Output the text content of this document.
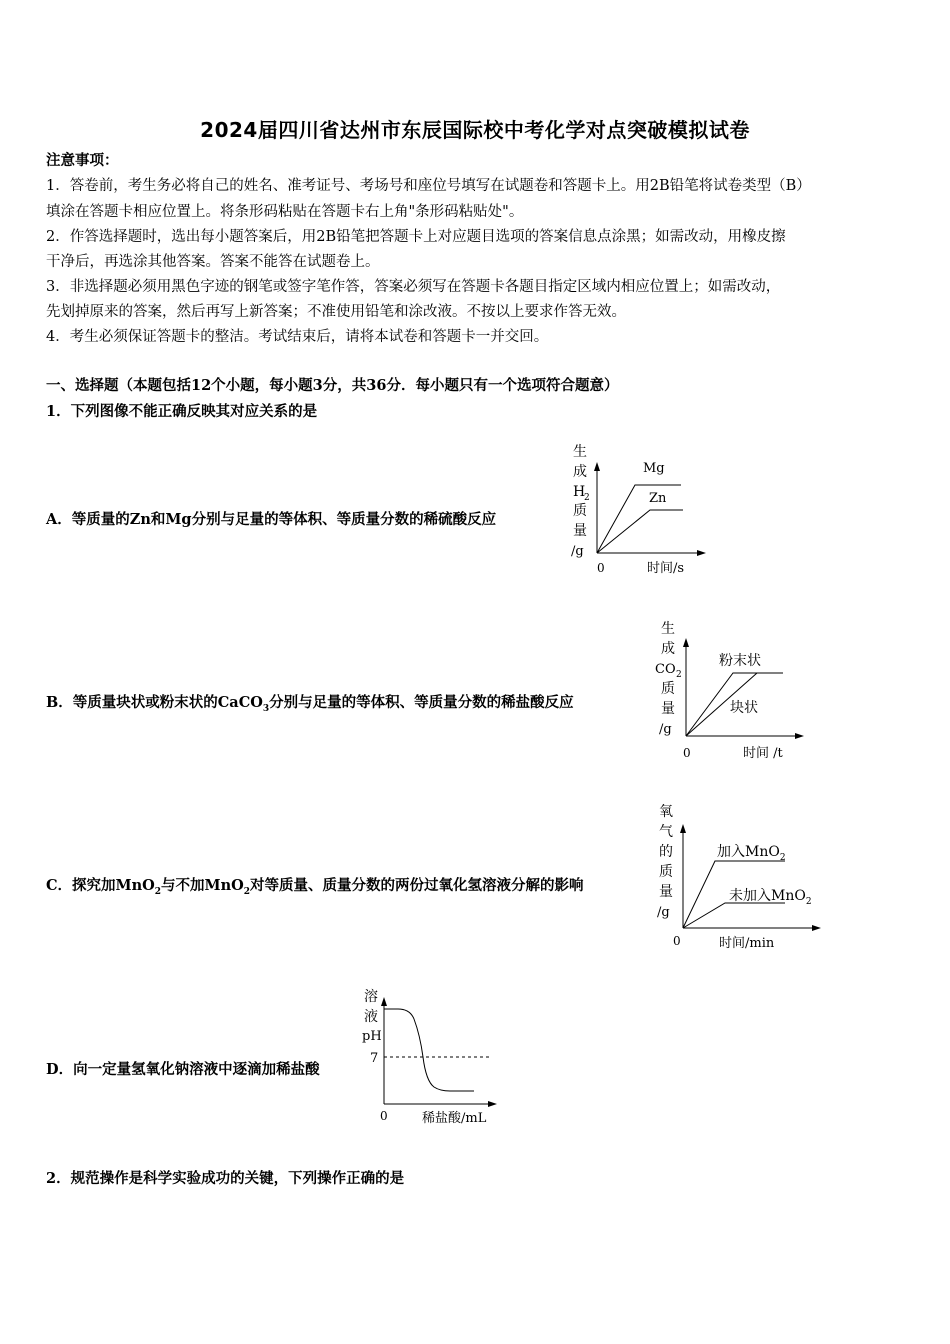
2024届四川省达州市东辰国际校中考化学对点突破模拟试卷
注意事项：
1．答卷前，考生务必将自己的姓名、准考证号、考场号和座位号填写在试题卷和答题卡上。用2B铅笔将试卷类型（B）
填涂在答题卡相应位置上。将条形码粘贴在答题卡右上角"条形码粘贴处"。
2．作答选择题时，选出每小题答案后，用2B铅笔把答题卡上对应题目选项的答案信息点涂黑；如需改动，用橡皮擦
干净后，再选涂其他答案。答案不能答在试题卷上。
3．非选择题必须用黑色字迹的钢笔或签字笔作答，答案必须写在答题卡各题目指定区域内相应位置上；如需改动，
先划掉原来的答案，然后再写上新答案；不准使用铅笔和涂改液。不按以上要求作答无效。
4．考生必须保证答题卡的整洁。考试结束后，请将本试卷和答题卡一并交回。
一、选择题（本题包括12个小题，每小题3分，共36分．每小题只有一个选项符合题意）
1．下列图像不能正确反映其对应关系的是
A．等质量的Zn和Mg分别与足量的等体积、等质量分数的稀硫酸反应
生
成
H
2
质
量
/g
Mg
Zn
0	时间/s
B．等质量块状或粉末状的CaCO$_3$分别与足量的等体积、等质量分数的稀盐酸反应
生
成
CO 2
质
量
/g
粉末状
块状
0	时间 /t
C．探究加MnO$_2$与不加MnO$_2$对等质量、质量分数的两份过氧化氢溶液分解的影响
氧
气
的
质
量
/g
加入MnO$_2$
未加入MnO$_2$
0	时间/min
D．向一定量氢氧化钠溶液中逐滴加稀盐酸
溶
液
pH
7
0	稀盐酸/mL
2．规范操作是科学实验成功的关键，下列操作正确的是
